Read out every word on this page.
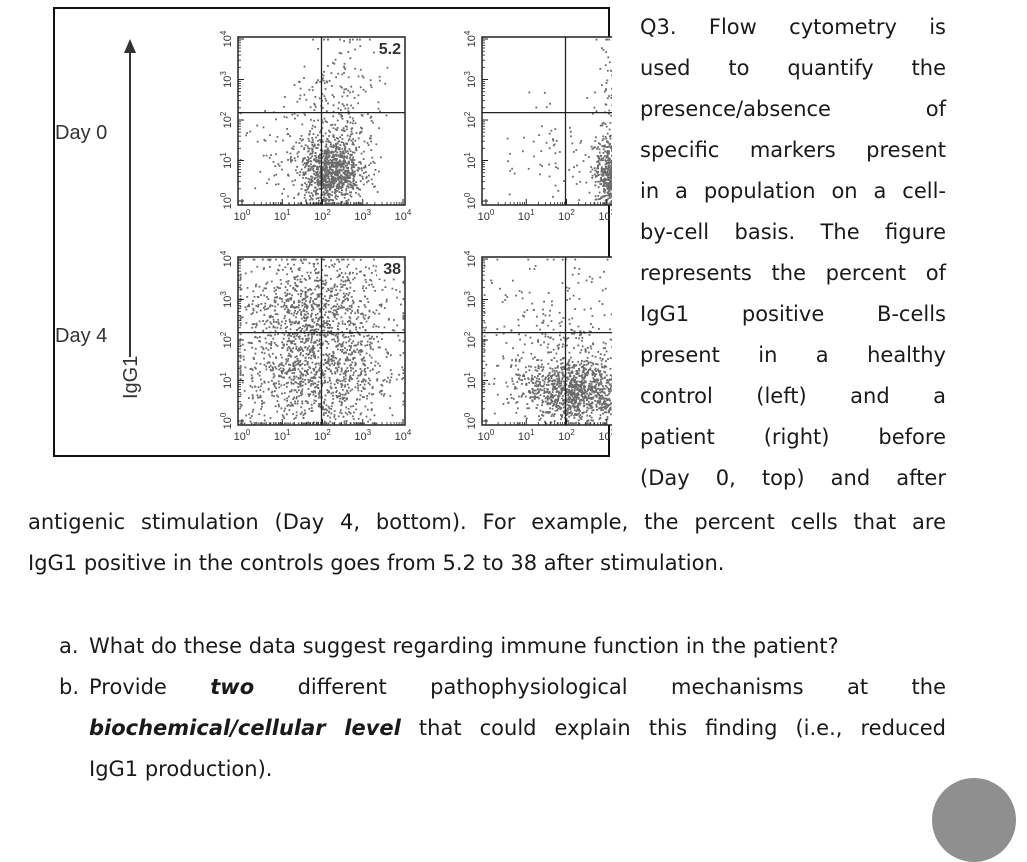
Day 0
Day 4
IgG1
5.2
$10^0$
$10^0$
$10^1$
$10^1$
$10^2$
$10^2$
$10^3$
$10^3$
$10^4$
$10^4$
$10^0$
$10^0$
$10^1$
$10^1$
$10^2$
$10^2$
10
$10^3$
$10^4$
38
$10^0$
$10^0$
$10^1$
$10^1$
$10^2$
$10^2$
$10^3$
$10^3$
$10^4$
$10^4$
$10^0$
$10^0$
$10^1$
$10^1$
$10^2$
$10^2$
10
$10^3$
$10^4$
Q3. Flow cytometry is
used to quantify the
presence/absence of
specific markers present
in a population on a cell-
by-cell basis. The figure
represents the percent of
IgG1 positive B-cells
present in a healthy
control (left) and a
patient (right) before
(Day 0, top) and after
antigenic stimulation (Day 4, bottom). For example, the percent cells that are
IgG1 positive in the controls goes from 5.2 to 38 after stimulation.
a. What do these data suggest regarding immune function in the patient?
b. Provide two different pathophysiological mechanisms at the
biochemical/cellular level that could explain this finding (i.e., reduced
IgG1 production).
